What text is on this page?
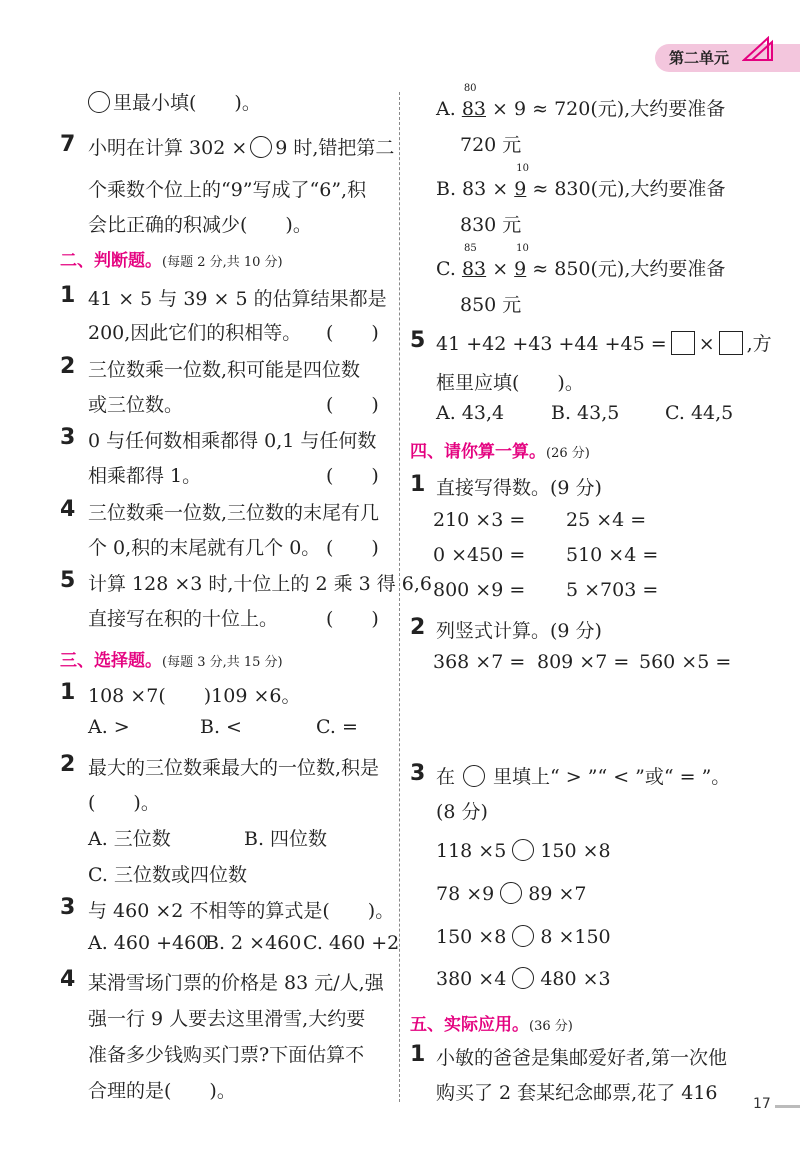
第二单元
里最小填(　　)。
7 小明在计算 302 × 9 时,错把第二
个乘数个位上的“9”写成了“6”,积
会比正确的积减少(　　)。
二、判断题。(每题 2 分,共 10 分)
1 41 × 5 与 39 × 5 的估算结果都是
200,因此它们的积相等。 (　　)
2 三位数乘一位数,积可能是四位数
或三位数。	(　　)
3 0 与任何数相乘都得 0,1 与任何数
相乘都得 1。	(　　)
4 三位数乘一位数,三位数的末尾有几
个 0,积的末尾就有几个 0。 (　　)
5 计算 128 ×3 时,十位上的 2 乘 3 得 6,6
直接写在积的十位上。	(　　)
三、选择题。(每题 3 分,共 15 分)
1 108 ×7(　　)109 ×6。
A. >	B. <	C. =
2 最大的三位数乘最大的一位数,积是
(　　)。
A. 三位数	B. 四位数
C. 三位数或四位数
3 与 460 ×2 不相等的算式是(　　)。
A. 460 +460
B. 2 ×460 C. 460 +2
4 某滑雪场门票的价格是 83 元/人,强
强一行 9 人要去这里滑雪,大约要
准备多少钱购买门票?下面估算不
合理的是(　　)。
A.
80
83 × 9 ≈ 720(元),大约要准备
720 元
B. 83 ×
10
9 ≈ 830(元),大约要准备
830 元
C.
85
83 ×
10
9 ≈ 850(元),大约要准备
850 元
5 41 +42 +43 +44 +45 = × ,方
框里应填(　　)。
A. 43,4 B. 43,5 C. 44,5
四、请你算一算。(26 分)
1 直接写得数。(9 分)
210 ×3 = 25 ×4 =
0 ×450 = 510 ×4 =
800 ×9 = 5 ×703 =
2 列竖式计算。(9 分)
368 ×7 = 809 ×7 = 560 ×5 =
3 在 里填上“ > ”“ < ”或“ = ”。
(8 分)
118 ×5 150 ×8
78 ×9 89 ×7
150 ×8 8 ×150
380 ×4 480 ×3
五、实际应用。(36 分)
1 小敏的爸爸是集邮爱好者,第一次他
购买了 2 套某纪念邮票,花了 416	17
